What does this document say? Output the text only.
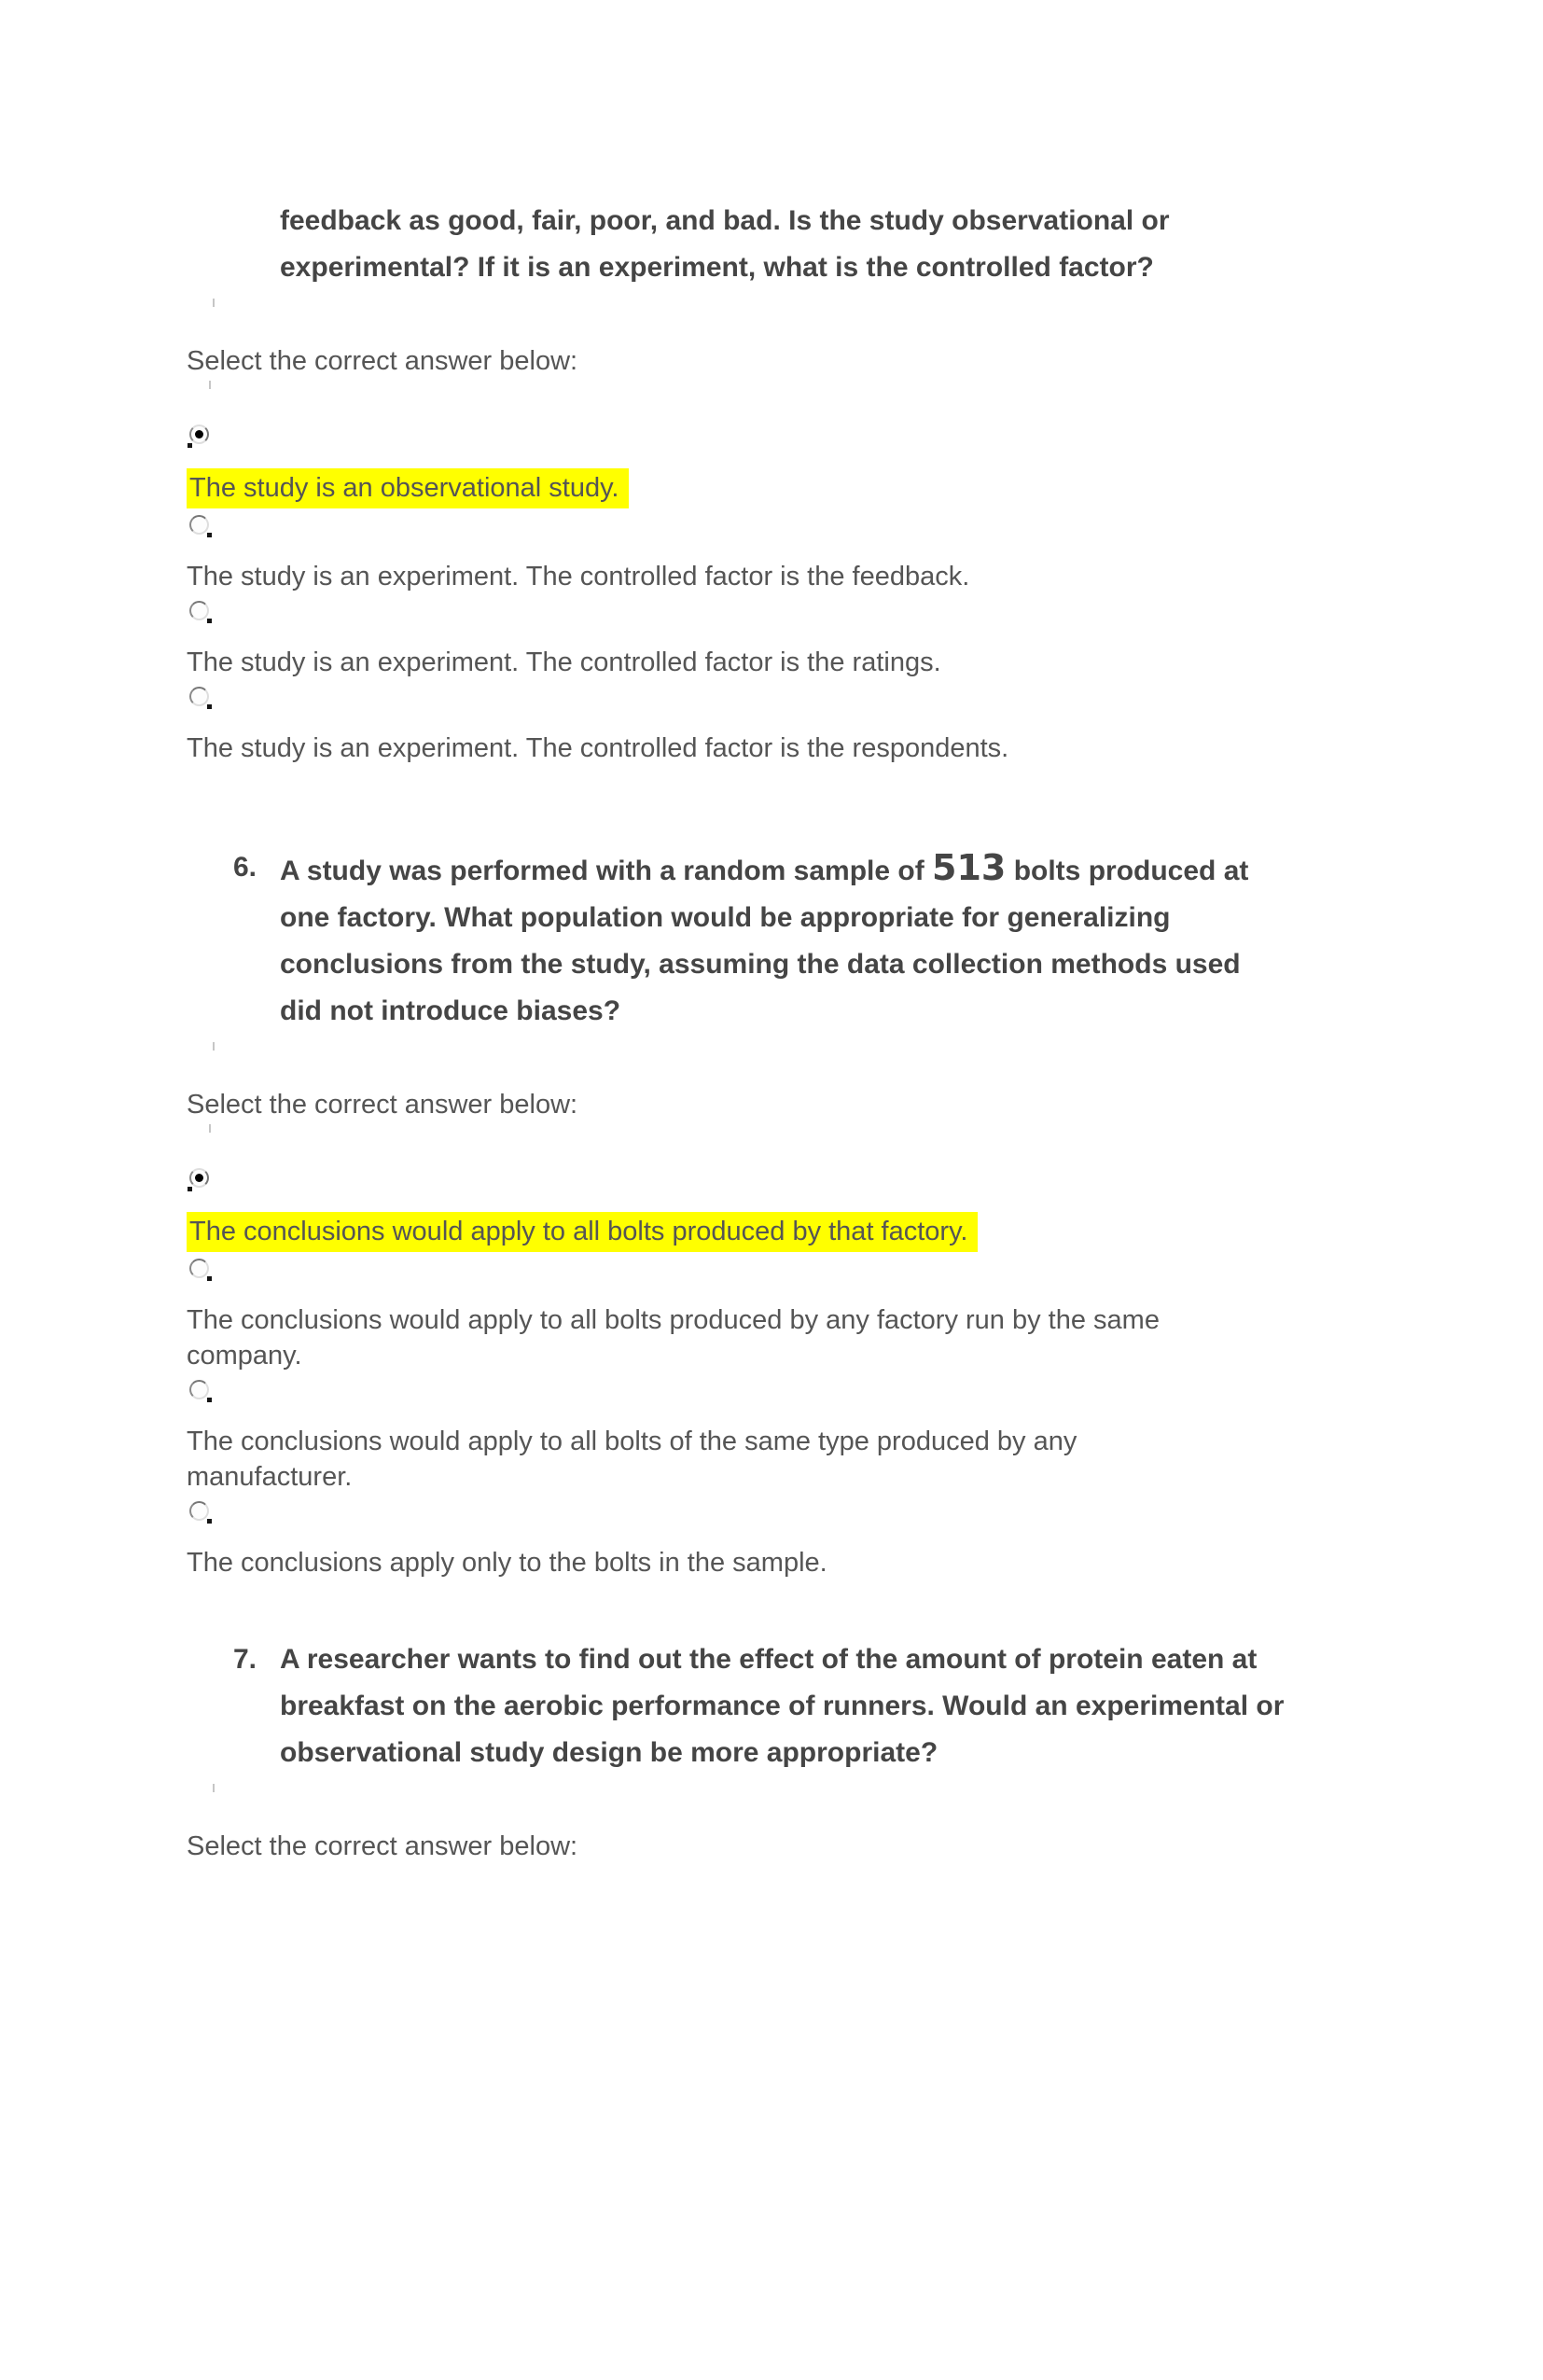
feedback as good, fair, poor, and bad. Is the study observational or
experimental? If it is an experiment, what is the controlled factor?
Select the correct answer below:
The study is an observational study.
The study is an experiment. The controlled factor is the feedback.
The study is an experiment. The controlled factor is the ratings.
The study is an experiment. The controlled factor is the respondents.
6. A study was performed with a random sample of 513 bolts produced at
one factory. What population would be appropriate for generalizing
conclusions from the study, assuming the data collection methods used
did not introduce biases?
Select the correct answer below:
The conclusions would apply to all bolts produced by that factory.
The conclusions would apply to all bolts produced by any factory run by the same
company.
The conclusions would apply to all bolts of the same type produced by any
manufacturer.
The conclusions apply only to the bolts in the sample.
7. A researcher wants to find out the effect of the amount of protein eaten at
breakfast on the aerobic performance of runners. Would an experimental or
observational study design be more appropriate?
Select the correct answer below:
